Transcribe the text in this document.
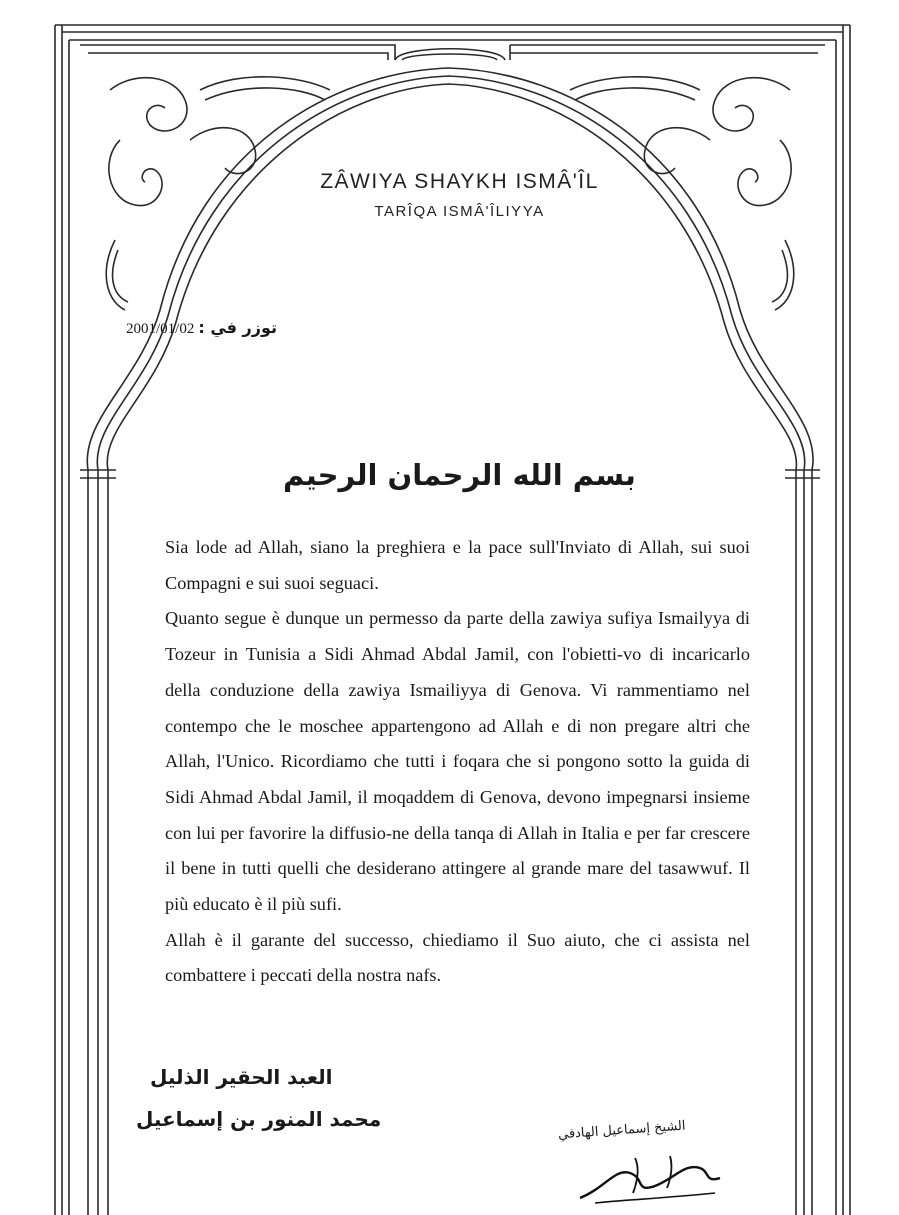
ZÂWIYA SHAYKH ISMÂ'ÎL
TARÎQA ISMÂ'ÎLIYYA
2001/01/02 توزر في :
بسم الله الرحمان الرحيم

Sia lode ad Allah, siano la preghiera e la pace sull'Inviato di Allah, sui suoi Compagni e sui suoi seguaci.

Quanto segue è dunque un permesso da parte della zawiya sufiya Ismailyya di Tozeur in Tunisia a Sidi Ahmad Abdal Jamil, con l'obietti-vo di incaricarlo della conduzione della zawiya Ismailiyya di Genova. Vi rammentiamo nel contempo che le moschee appartengono ad Allah e di non pregare altri che Allah, l'Unico. Ricordiamo che tutti i foqara che si pongono sotto la guida di Sidi Ahmad Abdal Jamil, il moqaddem di Genova, devono impegnarsi insieme con lui per favorire la diffusio-ne della tanqa di Allah in Italia e per far crescere il bene in tutti quelli che desiderano attingere al grande mare del tasawwuf. Il più educato è il più sufi.

Allah è il garante del successo, chiediamo il Suo aiuto, che ci assista nel combattere i peccati della nostra nafs.

العبد الحقير الذليل
محمد المنور بن إسماعيل	الشيخ إسماعيل الهادفي
